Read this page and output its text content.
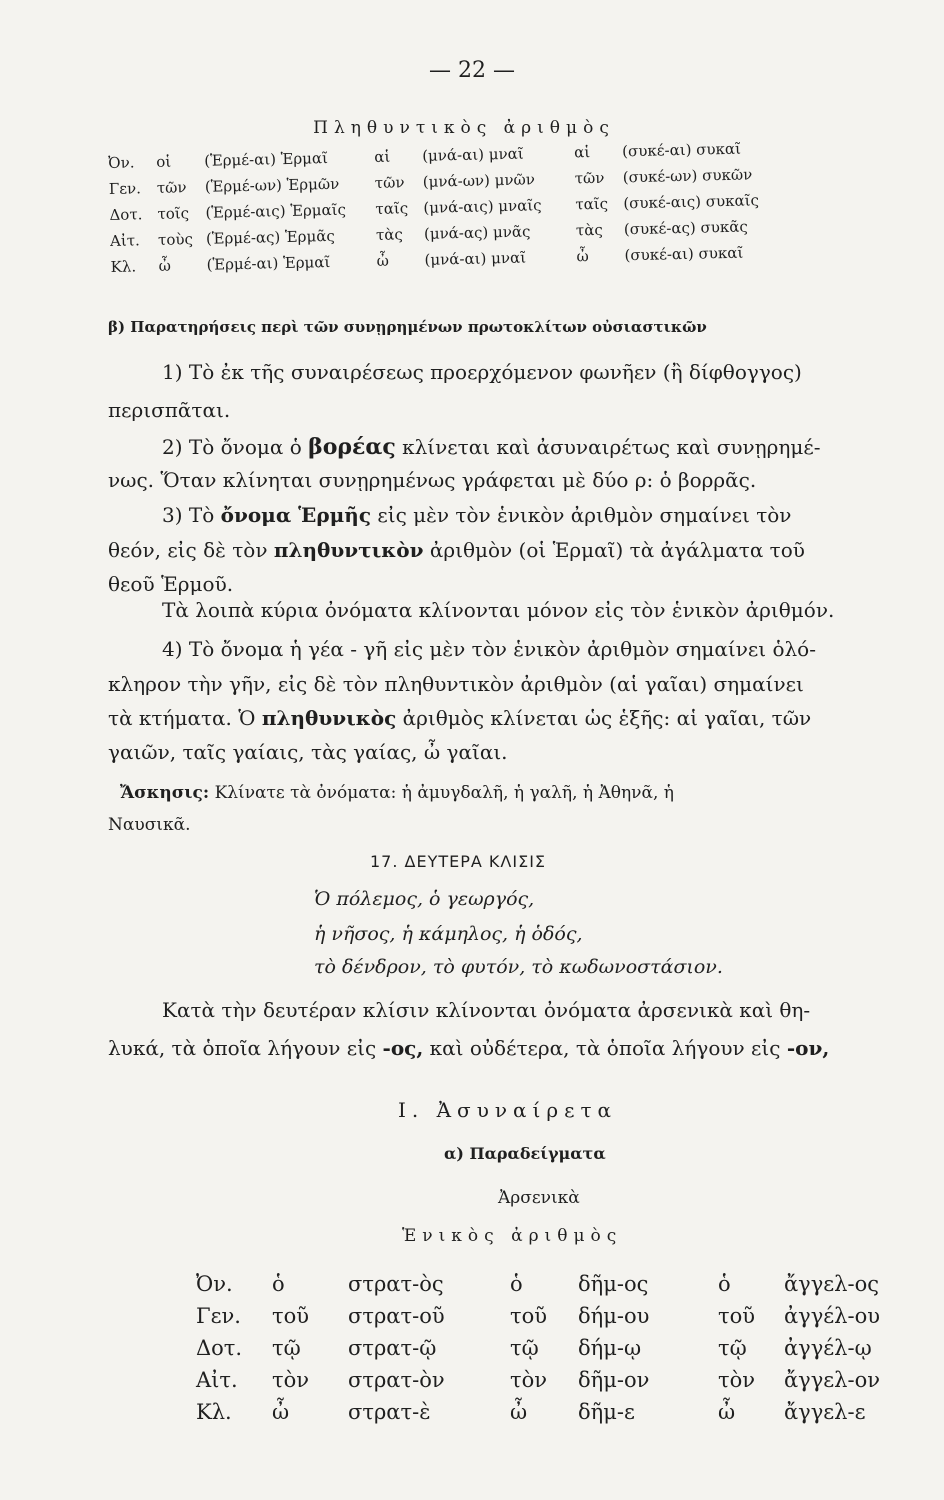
— 22 —
Πληθυντικὸς ἀριθμὸς
Ὀν.	οἱ	(Ἑρμέ-αι) Ἑρμαῖ	αἱ	(μνά-αι) μναῖ	αἱ	(συκέ-αι) συκαῖ
Γεν.	τῶν	(Ἑρμέ-ων) Ἑρμῶν	τῶν	(μνά-ων) μνῶν	τῶν	(συκέ-ων) συκῶν
Δοτ.	τοῖς	(Ἑρμέ-αις) Ἑρμαῖς	ταῖς	(μνά-αις) μναῖς	ταῖς	(συκέ-αις) συκαῖς
Αἰτ.	τοὺς	(Ἑρμέ-ας) Ἑρμᾶς	τὰς	(μνά-ας) μνᾶς	τὰς	(συκέ-ας) συκᾶς
Κλ.	ὦ	(Ἑρμέ-αι) Ἑρμαῖ	ὦ	(μνά-αι) μναῖ	ὦ	(συκέ-αι) συκαῖ
β) Παρατηρήσεις περὶ τῶν συνῃρημένων πρωτοκλίτων οὐσιαστικῶν
1) Τὸ ἐκ τῆς συναιρέσεως προερχόμενον φωνῆεν (ἢ δίφθογγος)
περισπᾶται.
2) Τὸ ὄνομα ὁ βορέας κλίνεται καὶ ἀσυναιρέτως καὶ συνῃρημέ-
νως. Ὅταν κλίνηται συνῃρημένως γράφεται μὲ δύο ρ: ὁ βορρᾶς.
3) Τὸ ὄνομα Ἑρμῆς εἰς μὲν τὸν ἑνικὸν ἀριθμὸν σημαίνει τὸν
θεόν, εἰς δὲ τὸν πληθυντικὸν ἀριθμὸν (οἱ Ἑρμαῖ) τὰ ἀγάλματα τοῦ
θεοῦ Ἑρμοῦ.
Τὰ λοιπὰ κύρια ὀνόματα κλίνονται μόνον εἰς τὸν ἑνικὸν ἀριθμόν.
4) Τὸ ὄνομα ἡ γέα - γῆ εἰς μὲν τὸν ἑνικὸν ἀριθμὸν σημαίνει ὁλό-
κληρον τὴν γῆν, εἰς δὲ τὸν πληθυντικὸν ἀριθμὸν (αἱ γαῖαι) σημαίνει
τὰ κτήματα. Ὁ πληθυνικὸς ἀριθμὸς κλίνεται ὡς ἑξῆς: αἱ γαῖαι, τῶν
γαιῶν, ταῖς γαίαις, τὰς γαίας, ὦ γαῖαι.
Ἄσκησις: Κλίνατε τὰ ὀνόματα: ἡ ἀμυγδαλῆ, ἡ γαλῆ, ἡ Ἀθηνᾶ, ἡ
Ναυσικᾶ.
17. ΔΕΥΤΕΡΑ ΚΛΙΣΙΣ
Ὁ πόλεμος, ὁ γεωργός,
ἡ νῆσος, ἡ κάμηλος, ἡ ὁδός,
τὸ δένδρον, τὸ φυτόν, τὸ κωδωνοστάσιον.
Κατὰ τὴν δευτέραν κλίσιν κλίνονται ὀνόματα ἀρσενικὰ καὶ θη-
λυκά, τὰ ὁποῖα λήγουν εἰς -ος, καὶ οὐδέτερα, τὰ ὁποῖα λήγουν εἰς -ον,
Ι. Ἀσυναίρετα
α) Παραδείγματα
Ἀρσενικὰ
Ἑνικὸς ἀριθμὸς
Ὀν.	ὁ	στρατ-ὸς	ὁ	δῆμ-ος	ὁ	ἄγγελ-ος
Γεν.	τοῦ	στρατ-οῦ	τοῦ	δήμ-ου	τοῦ	ἀγγέλ-ου
Δοτ.	τῷ	στρατ-ῷ	τῷ	δήμ-ῳ	τῷ	ἀγγέλ-ῳ
Αἰτ.	τὸν	στρατ-ὸν	τὸν	δῆμ-ον	τὸν	ἄγγελ-ον
Κλ.	ὦ	στρατ-ὲ	ὦ	δῆμ-ε	ὦ	ἄγγελ-ε
